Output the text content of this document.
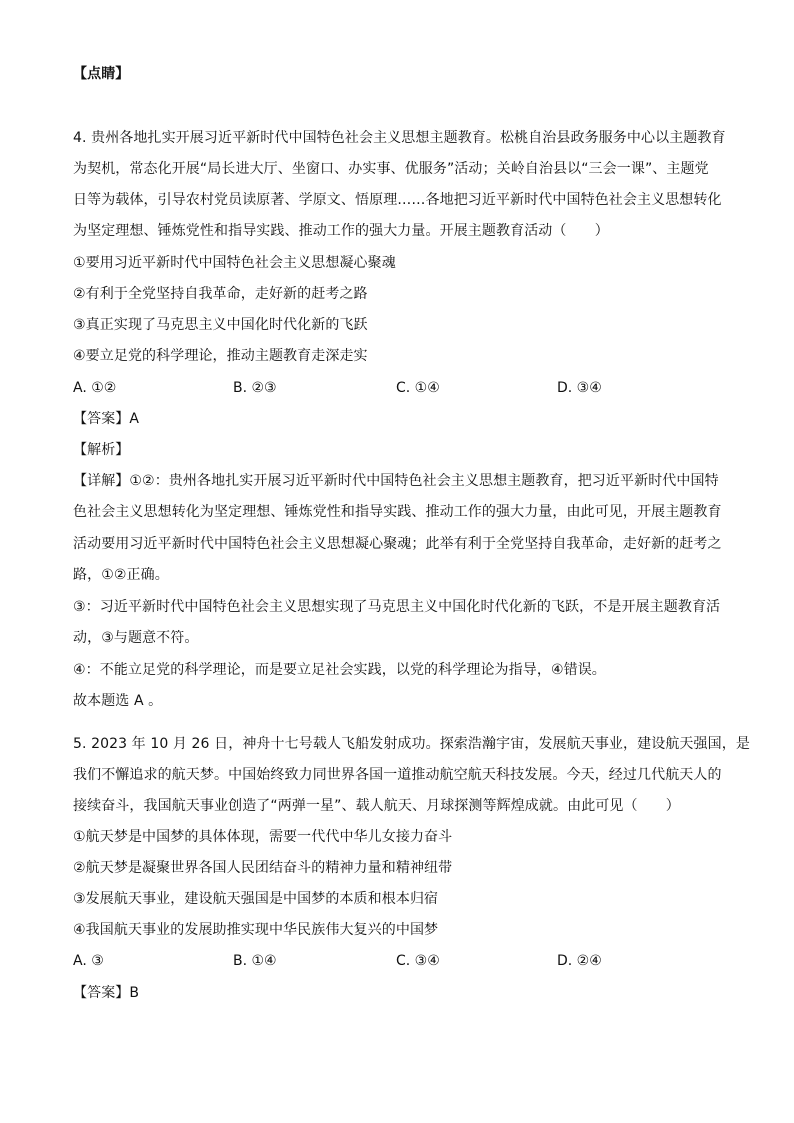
【点睛】
4. 贵州各地扎实开展习近平新时代中国特色社会主义思想主题教育。松桃自治县政务服务中心以主题教育
为契机，常态化开展“局长进大厅、坐窗口、办实事、优服务”活动；关岭自治县以“三会一课”、主题党
日等为载体，引导农村党员读原著、学原文、悟原理……各地把习近平新时代中国特色社会主义思想转化
为坚定理想、锤炼党性和指导实践、推动工作的强大力量。开展主题教育活动（　　）
①要用习近平新时代中国特色社会主义思想凝心聚魂
②有利于全党坚持自我革命，走好新的赶考之路
③真正实现了马克思主义中国化时代化新的飞跃
④要立足党的科学理论，推动主题教育走深走实
A. ①②	B. ②③	C. ①④	D. ③④
【答案】A
【解析】
【详解】①②：贵州各地扎实开展习近平新时代中国特色社会主义思想主题教育，把习近平新时代中国特
色社会主义思想转化为坚定理想、锤炼党性和指导实践、推动工作的强大力量，由此可见，开展主题教育
活动要用习近平新时代中国特色社会主义思想凝心聚魂；此举有利于全党坚持自我革命，走好新的赶考之
路，①②正确。
③：习近平新时代中国特色社会主义思想实现了马克思主义中国化时代化新的飞跃，不是开展主题教育活
动，③与题意不符。
④：不能立足党的科学理论，而是要立足社会实践，以党的科学理论为指导，④错误。
故本题选 A 。
5. 2023 年 10 月 26 日，神舟十七号载人飞船发射成功。探索浩瀚宇宙，发展航天事业，建设航天强国，是
我们不懈追求的航天梦。中国始终致力同世界各国一道推动航空航天科技发展。今天，经过几代航天人的
接续奋斗，我国航天事业创造了“两弹一星”、载人航天、月球探测等辉煌成就。由此可见（　　）
①航天梦是中国梦的具体体现，需要一代代中华儿女接力奋斗
②航天梦是凝聚世界各国人民团结奋斗的精神力量和精神纽带
③发展航天事业，建设航天强国是中国梦的本质和根本归宿
④我国航天事业的发展助推实现中华民族伟大复兴的中国梦
A. ③	B. ①④	C. ③④	D. ②④
【答案】B
